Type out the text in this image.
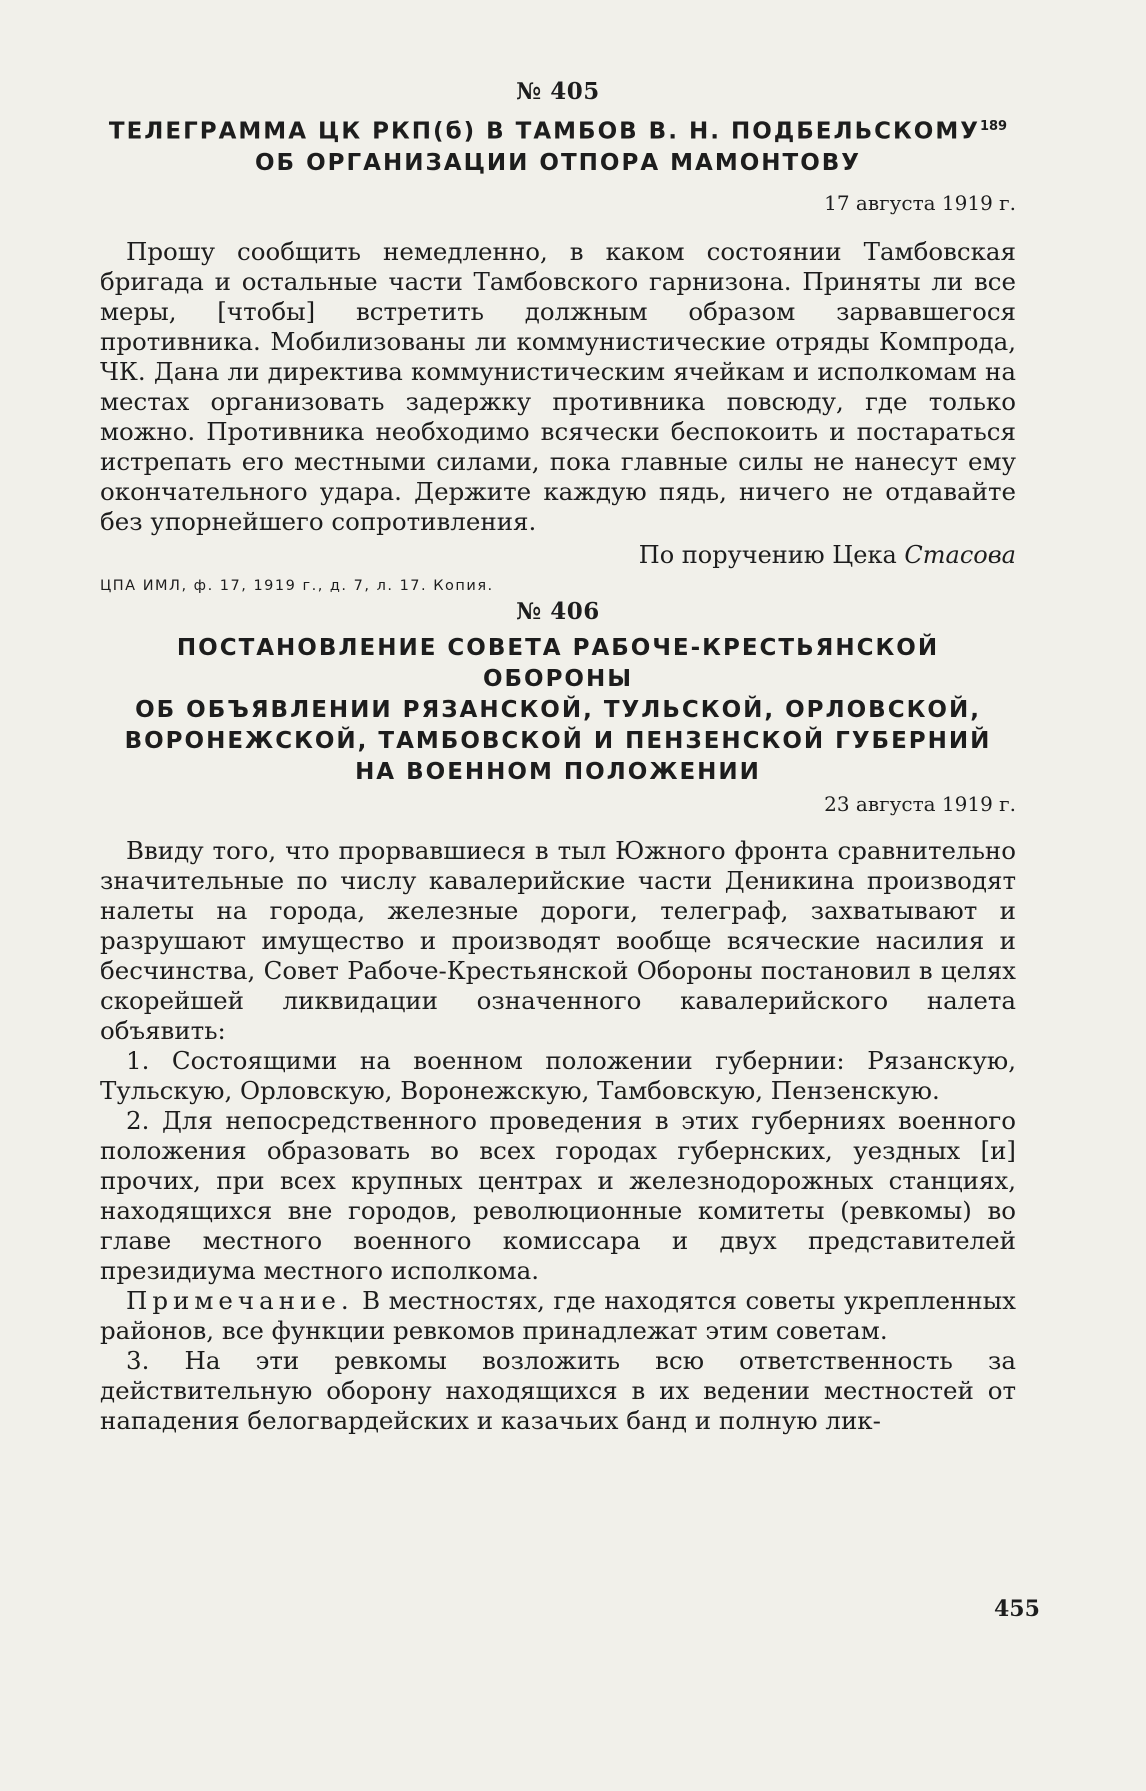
№ 405

ТЕЛЕГРАММА ЦК РКП(б) В ТАМБОВ В. Н. ПОДБЕЛЬСКОМУ$^{189}$
ОБ ОРГАНИЗАЦИИ ОТПОРА МАМОНТОВУ

17 августа 1919 г.

Прошу сообщить немедленно, в каком состоянии Тамбовская бригада и остальные части Тамбовского гарнизона. Приняты ли все меры, [чтобы] встретить должным образом зарвавшегося противника. Мобилизованы ли коммунистические отряды Компрода, ЧК. Дана ли директива коммунистическим ячейкам и исполкомам на местах организовать задержку противника повсюду, где только можно. Противника необходимо всячески беспокоить и постараться истрепать его местными силами, пока главные силы не нанесут ему окончательного удара. Держите каждую пядь, ничего не отдавайте без упорнейшего сопротивления.

По поручению Цека Стасова

ЦПА ИМЛ, ф. 17, 1919 г., д. 7, л. 17. Копия.

№ 406

ПОСТАНОВЛЕНИЕ СОВЕТА РАБОЧЕ-КРЕСТЬЯНСКОЙ ОБОРОНЫ
ОБ ОБЪЯВЛЕНИИ РЯЗАНСКОЙ, ТУЛЬСКОЙ, ОРЛОВСКОЙ,
ВОРОНЕЖСКОЙ, ТАМБОВСКОЙ И ПЕНЗЕНСКОЙ ГУБЕРНИЙ
НА ВОЕННОМ ПОЛОЖЕНИИ

23 августа 1919 г.

Ввиду того, что прорвавшиеся в тыл Южного фронта сравнительно значительные по числу кавалерийские части Деникина производят налеты на города, железные дороги, телеграф, захватывают и разрушают имущество и производят вообще всяческие насилия и бесчинства, Совет Рабоче-Крестьянской Обороны постановил в целях скорейшей ликвидации означенного кавалерийского налета объявить:

1. Состоящими на военном положении губернии: Рязанскую, Тульскую, Орловскую, Воронежскую, Тамбовскую, Пензенскую.

2. Для непосредственного проведения в этих губерниях военного положения образовать во всех городах губернских, уездных [и] прочих, при всех крупных центрах и железнодорожных станциях, находящихся вне городов, революционные комитеты (ревкомы) во главе местного военного комиссара и двух представителей президиума местного исполкома.

Примечание. В местностях, где находятся советы укрепленных районов, все функции ревкомов принадлежат этим советам.

3. На эти ревкомы возложить всю ответственность за действительную оборону находящихся в их ведении местностей от нападения белогвардейских и казачьих банд и полную лик-

455
